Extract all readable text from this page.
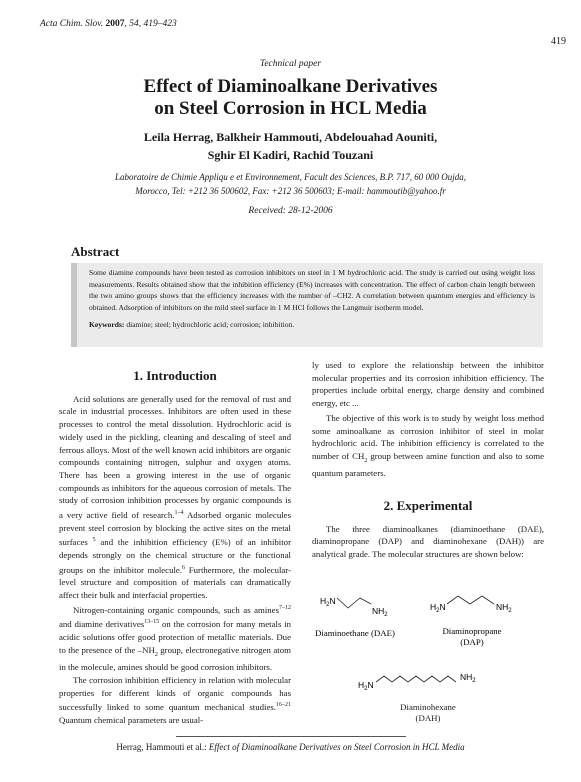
Acta Chim. Slov. 2007, 54, 419–423
419
Technical paper
Effect of Diaminoalkane Derivatives
on Steel Corrosion in HCL Media
Leila Herrag, Balkheir Hammouti, Abdelouahad Aouniti,
Sghir El Kadiri, Rachid Touzani
Laboratoire de Chimie Appliqu e et Environnement, Facult des Sciences, B.P. 717, 60 000 Oujda,
Morocco, Tel: +212 36 500602, Fax: +212 36 500603; E-mail: hammoutib@yahoo.fr
Received: 28-12-2006
Abstract

Some diamine compounds have been tested as corrosion inhibitors on steel in 1 M hydrochloric acid. The study is carried out using weight loss measurements. Results obtained show that the inhibition efficiency (E%) increases with concentration. The effect of carbon chain length between the two amino groups shows that the efficiency increases with the number of –CH2. A correlation between quantum energies and efficiency is obtained. Adsorption of inhibitors on the mild steel surface in 1 M HCl follows the Langmuir isotherm model.

Keywords: diamine; steel; hydrochloric acid; corrosion; inhibition.

1. Introduction

Acid solutions are generally used for the removal of rust and scale in industrial processes. Inhibitors are often used in these processes to control the metal dissolution. Hydrochloric acid is widely used in the pickling, cleaning and descaling of steel and ferrous alloys. Most of the well known acid inhibitors are organic compounds containing nitrogen, sulphur and oxygen atoms. There has been a growing interest in the use of organic compounds as inhibitors for the aqueous corrosion of metals. The study of corrosion inhibition processes by organic compounds is a very active field of research.$^{1-4}$ Adsorbed organic molecules prevent steel corrosion by blocking the active sites on the metal surfaces $^5$ and the inhibition efficiency (E%) of an inhibitor depends strongly on the chemical structure or the functional groups on the inhibitor molecule.$^6$ Furthermore, the molecular-level structure and composition of materials can dramatically affect their bulk and interfacial properties.

Nitrogen-containing organic compounds, such as amines$^{7-12}$ and diamine derivatives$^{13-15}$ on the corrosion for many metals in acidic solutions offer good protection of metallic materials. Due to the presence of the $-NH_2$ group, electronegative nitrogen atom in the molecule, amines should be good corrosion inhibitors.

The corrosion inhibition efficiency in relation with molecular properties for different kinds of organic compounds has successfully linked to some quantum mechanical studies.$^{16-21}$ Quantum chemical parameters are usual-

ly used to explore the relationship between the inhibitor molecular properties and its corrosion inhibition efficiency. The properties include orbital energy, charge density and combined energy, etc ...

The objective of this work is to study by weight loss method some aminoalkane as corrosion inhibitor of steel in molar hydrochloric acid. The inhibition efficiency is correlated to the number of $CH_2$ group between amine function and also to some quantum parameters.

2. Experimental

The three diaminoalkanes (diaminoethane (DAE), diaminopropane (DAP) and diaminohexane (DAH)) are analytical grade. The molecular structures are shown below:

$H_2N$
$NH_2$
Diaminoethane (DAE)
$H_2N$	$NH_2$
Diaminopropane
(DAP)
$H_2N$
$NH_2$
Diaminohexane
(DAH)
Herrag, Hammouti et al.: Effect of Diaminoalkane Derivatives on Steel Corrosion in HCL Media
